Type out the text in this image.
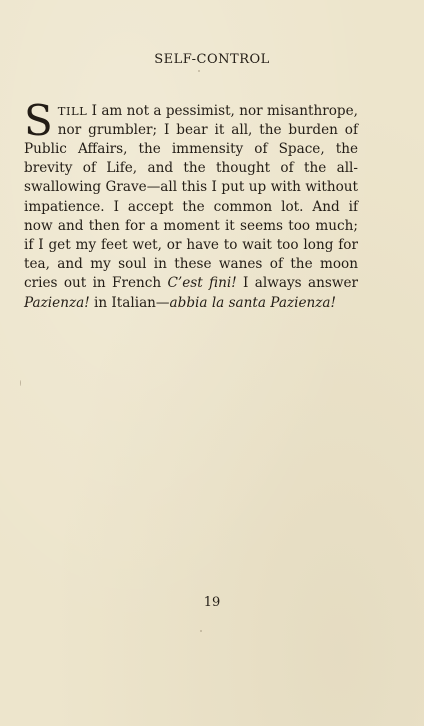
SELF-CONTROL

STILL I am not a pessimist, nor misanthrope, nor grumbler; I bear it all, the burden of Public Affairs, the immensity of Space, the brevity of Life, and the thought of the all-swallowing Grave—all this I put up with without impatience. I accept the common lot. And if now and then for a moment it seems too much; if I get my feet wet, or have to wait too long for tea, and my soul in these wanes of the moon cries out in French C’est fini! I always answer Pazienza! in Italian—abbia la santa Pazienza!

19
